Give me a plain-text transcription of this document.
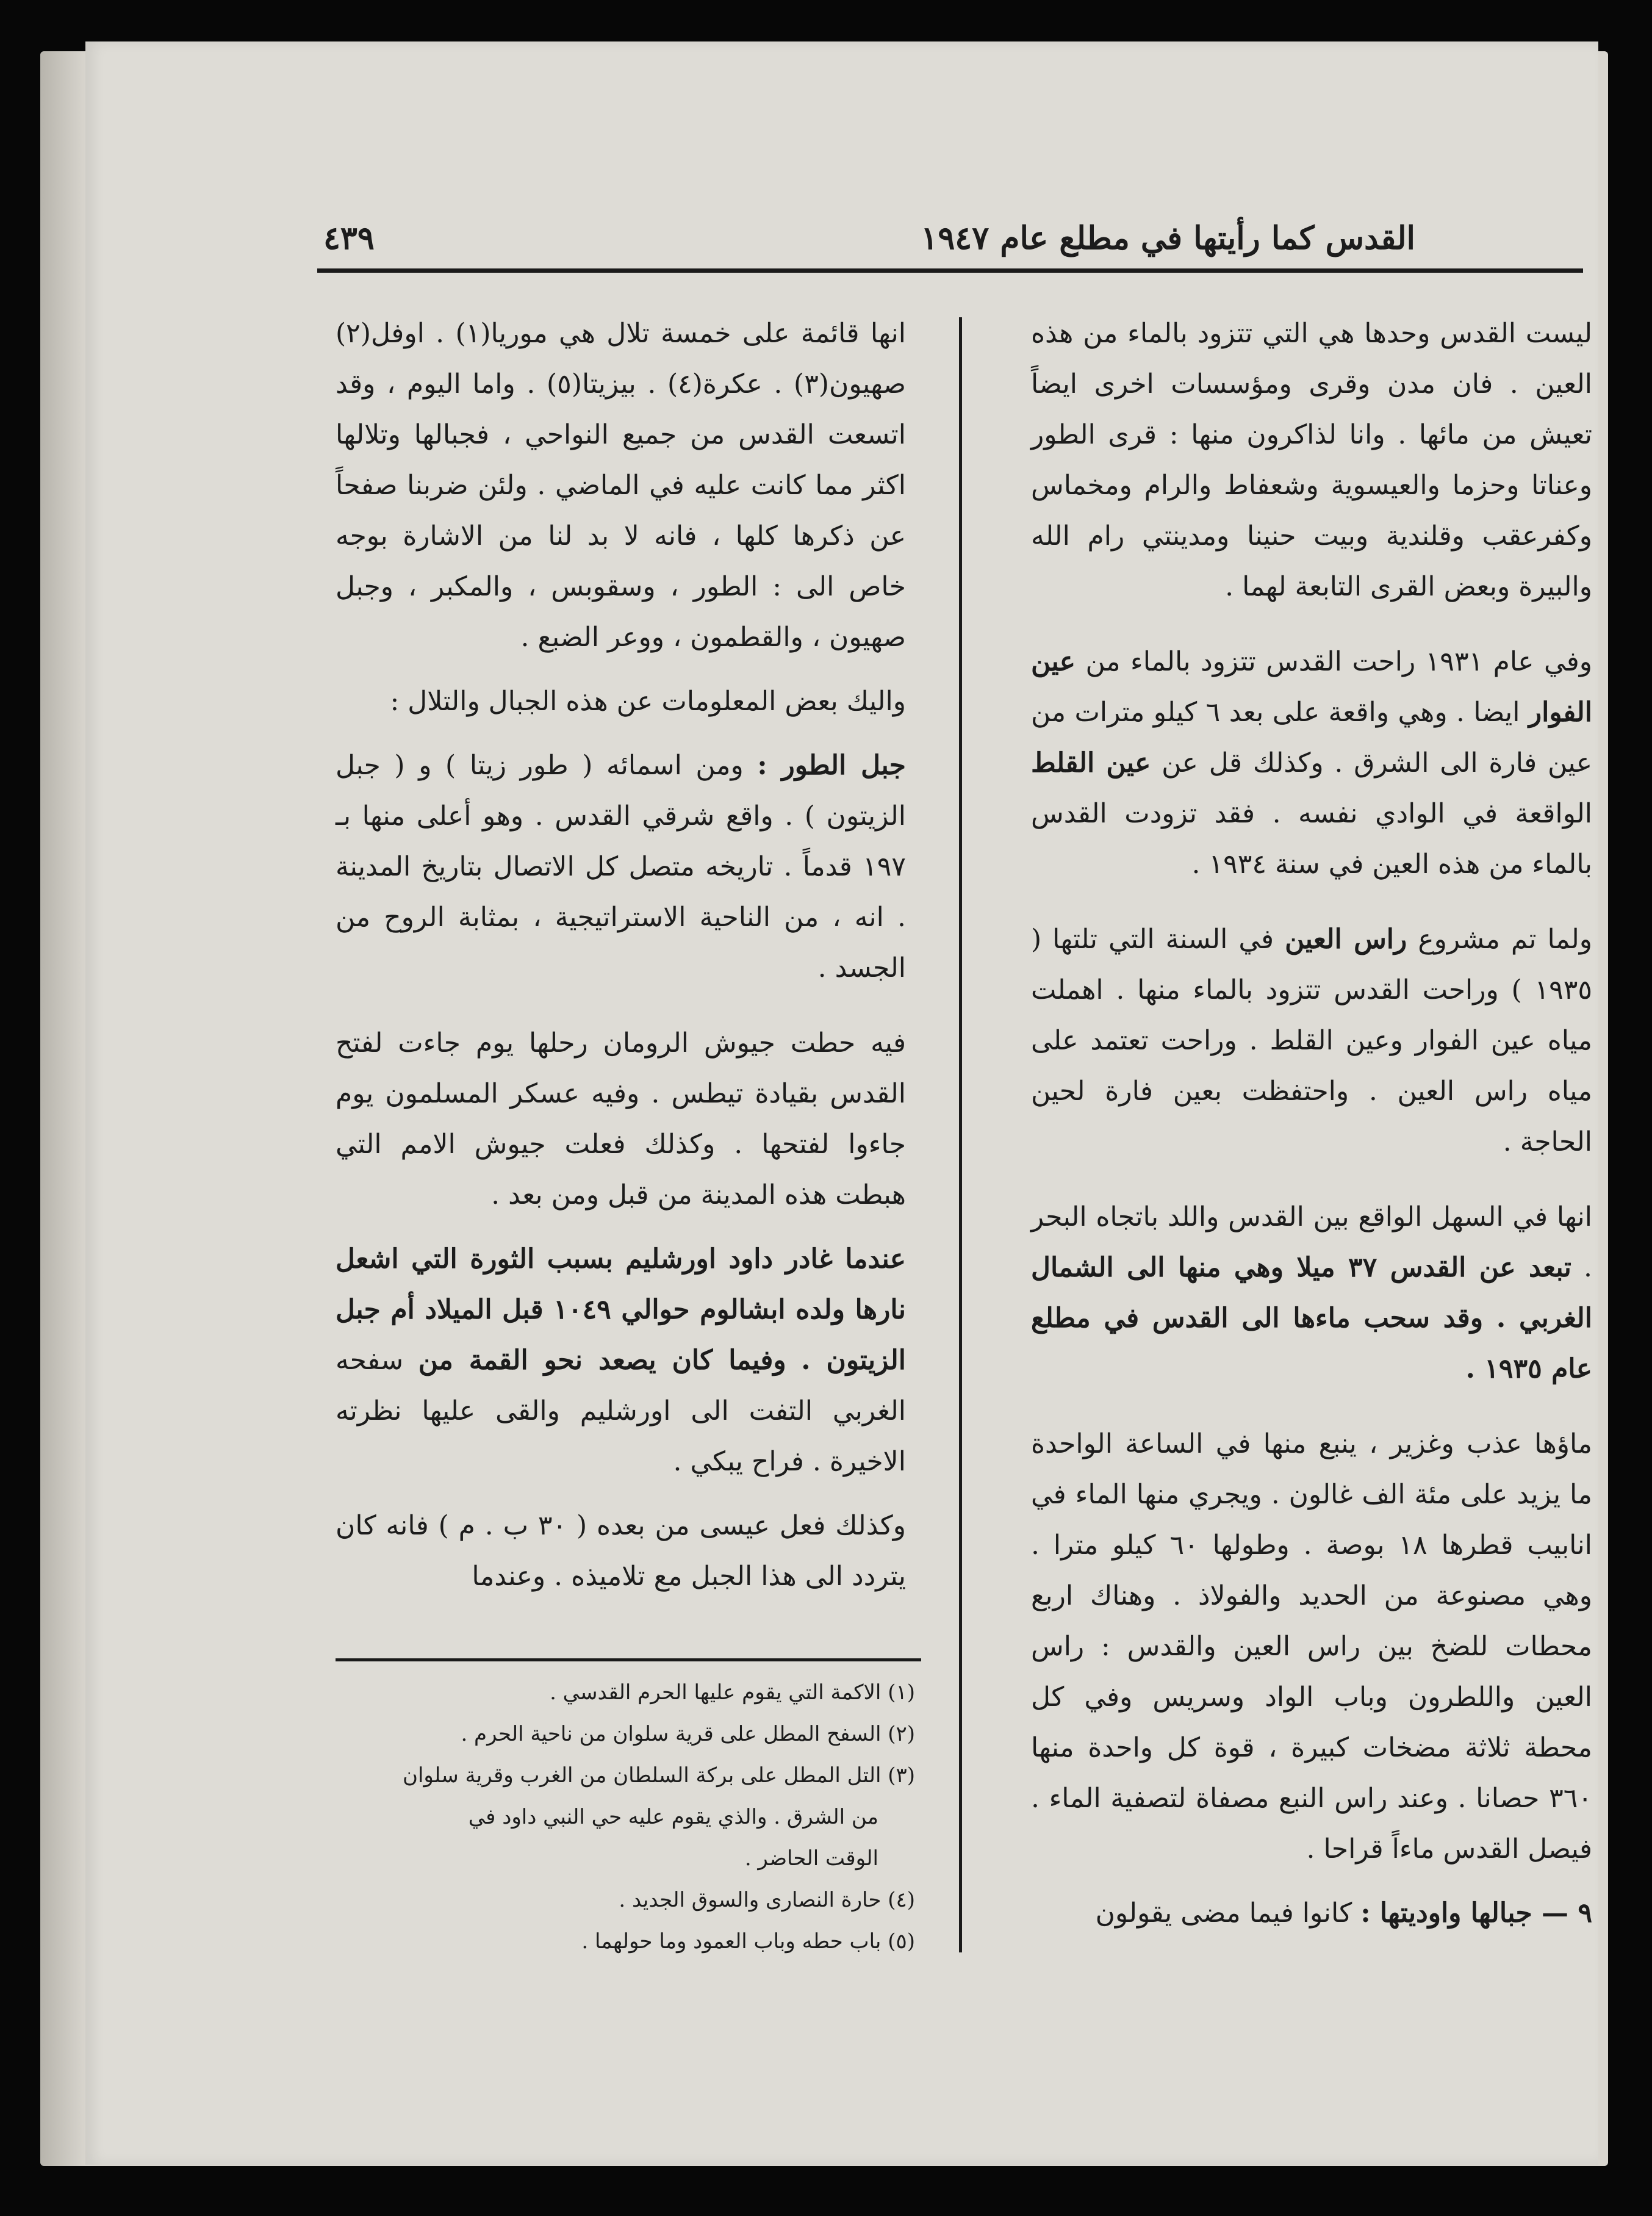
القدس كما رأيتها في مطلع عام ١٩٤٧
٤٣٩

ليست القدس وحدها هي التي تتزود بالماء من هذه العين . فان مدن وقرى ومؤسسات اخرى ايضاً تعيش من مائها . وانا لذاكرون منها : قرى الطور وعناتا وحزما والعيسوية وشعفاط والرام ومخماس وكفرعقب وقلندية وبيت حنينا ومدينتي رام الله والبيرة وبعض القرى التابعة لهما .

وفي عام ١٩٣١ راحت القدس تتزود بالماء من عين الفوار ايضا . وهي واقعة على بعد ٦ كيلو مترات من عين فارة الى الشرق . وكذلك قل عن عين القلط الواقعة في الوادي نفسه . فقد تزودت القدس بالماء من هذه العين في سنة ١٩٣٤ .

ولما تم مشروع راس العين في السنة التي تلتها ( ١٩٣٥ ) وراحت القدس تتزود بالماء منها . اهملت مياه عين الفوار وعين القلط . وراحت تعتمد على مياه راس العين . واحتفظت بعين فارة لحين الحاجة .

انها في السهل الواقع بين القدس واللد باتجاه البحر . تبعد عن القدس ٣٧ ميلا وهي منها الى الشمال الغربي . وقد سحب ماءها الى القدس في مطلع عام ١٩٣٥ .

ماؤها عذب وغزير ، ينبع منها في الساعة الواحدة ما يزيد على مئة الف غالون . ويجري منها الماء في انابيب قطرها ١٨ بوصة . وطولها ٦٠ كيلو مترا . وهي مصنوعة من الحديد والفولاذ . وهناك اربع محطات للضخ بين راس العين والقدس : راس العين واللطرون وباب الواد وسريس وفي كل محطة ثلاثة مضخات كبيرة ، قوة كل واحدة منها ٣٦٠ حصانا . وعند راس النبع مصفاة لتصفية الماء . فيصل القدس ماءاً قراحا .

٩ — جبالها واوديتها : كانوا فيما مضى يقولون

انها قائمة على خمسة تلال هي موريا(١) . اوفل(٢) صهيون(٣) . عكرة(٤) . بيزيتا(٥) . واما اليوم ، وقد اتسعت القدس من جميع النواحي ، فجبالها وتلالها اكثر مما كانت عليه في الماضي . ولئن ضربنا صفحاً عن ذكرها كلها ، فانه لا بد لنا من الاشارة بوجه خاص الى : الطور ، وسقوبس ، والمكبر ، وجبل صهيون ، والقطمون ، ووعر الضبع .

واليك بعض المعلومات عن هذه الجبال والتلال :

جبل الطور : ومن اسمائه ( طور زيتا ) و ( جبل الزيتون ) . واقع شرقي القدس . وهو أعلى منها بـ ١٩٧ قدماً . تاريخه متصل كل الاتصال بتاريخ المدينة . انه ، من الناحية الاستراتيجية ، بمثابة الروح من الجسد .

فيه حطت جيوش الرومان رحلها يوم جاءت لفتح القدس بقيادة تيطس . وفيه عسكر المسلمون يوم جاءوا لفتحها . وكذلك فعلت جيوش الامم التي هبطت هذه المدينة من قبل ومن بعد .

عندما غادر داود اورشليم بسبب الثورة التي اشعل نارها ولده ابشالوم حوالي ١٠٤٩ قبل الميلاد أم جبل الزيتون . وفيما كان يصعد نحو القمة من سفحه الغربي التفت الى اورشليم والقى عليها نظرته الاخيرة . فراح يبكي .

وكذلك فعل عيسى من بعده ( ٣٠ ب . م ) فانه كان يتردد الى هذا الجبل مع تلاميذه . وعندما

(١) الاكمة التي يقوم عليها الحرم القدسي .
(٢) السفح المطل على قرية سلوان من ناحية الحرم .
(٣) التل المطل على بركة السلطان من الغرب وقرية سلوان
من الشرق . والذي يقوم عليه حي النبي داود في
الوقت الحاضر .
(٤) حارة النصارى والسوق الجديد .
(٥) باب حطه وباب العمود وما حولهما .
